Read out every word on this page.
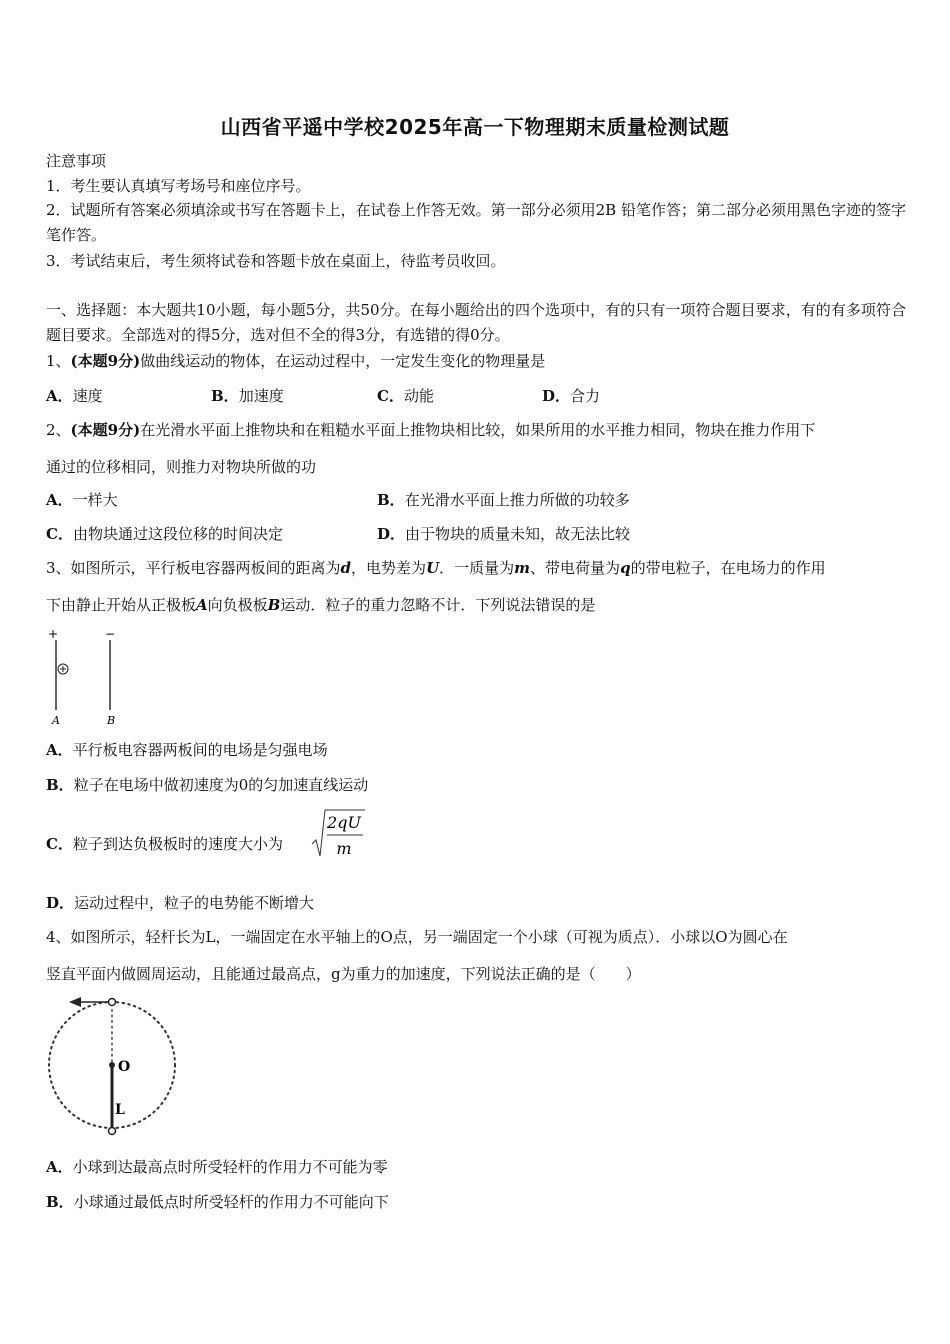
山西省平遥中学校2025年高一下物理期末质量检测试题
注意事项
1．考生要认真填写考场号和座位序号。
2．试题所有答案必须填涂或书写在答题卡上，在试卷上作答无效。第一部分必须用2B 铅笔作答；第二部分必须用黑色字迹的签字笔作答。
3．考试结束后，考生须将试卷和答题卡放在桌面上，待监考员收回。
一、选择题：本大题共10小题，每小题5分，共50分。在每小题给出的四个选项中，有的只有一项符合题目要求，有的有多项符合题目要求。全部选对的得5分，选对但不全的得3分，有选错的得0分。
1、(本题9分)做曲线运动的物体，在运动过程中，一定发生变化的物理量是
A．速度	B．加速度	C．动能	D．合力
2、(本题9分)在光滑水平面上推物块和在粗糙水平面上推物块相比较，如果所用的水平推力相同，物块在推力作用下
通过的位移相同，则推力对物块所做的功
A．一样大	B．在光滑水平面上推力所做的功较多
C．由物块通过这段位移的时间决定	D．由于物块的质量未知，故无法比较
3、如图所示，平行板电容器两板间的距离为d，电势差为U．一质量为m、带电荷量为q的带电粒子，在电场力的作用
下由静止开始从正极板A向负极板B运动．粒子的重力忽略不计．下列说法错误的是
+	−
A	B
A．平行板电容器两板间的电场是匀强电场
B．粒子在电场中做初速度为0的匀加速直线运动
C．粒子到达负极板时的速度大小为
2qU
m
D．运动过程中，粒子的电势能不断增大
4、如图所示，轻杆长为L，一端固定在水平轴上的O点，另一端固定一个小球（可视为质点）．小球以O为圆心在
竖直平面内做圆周运动，且能通过最高点，g为重力的加速度，下列说法正确的是（　　）
O
L
A．小球到达最高点时所受轻杆的作用力不可能为零
B．小球通过最低点时所受轻杆的作用力不可能向下
